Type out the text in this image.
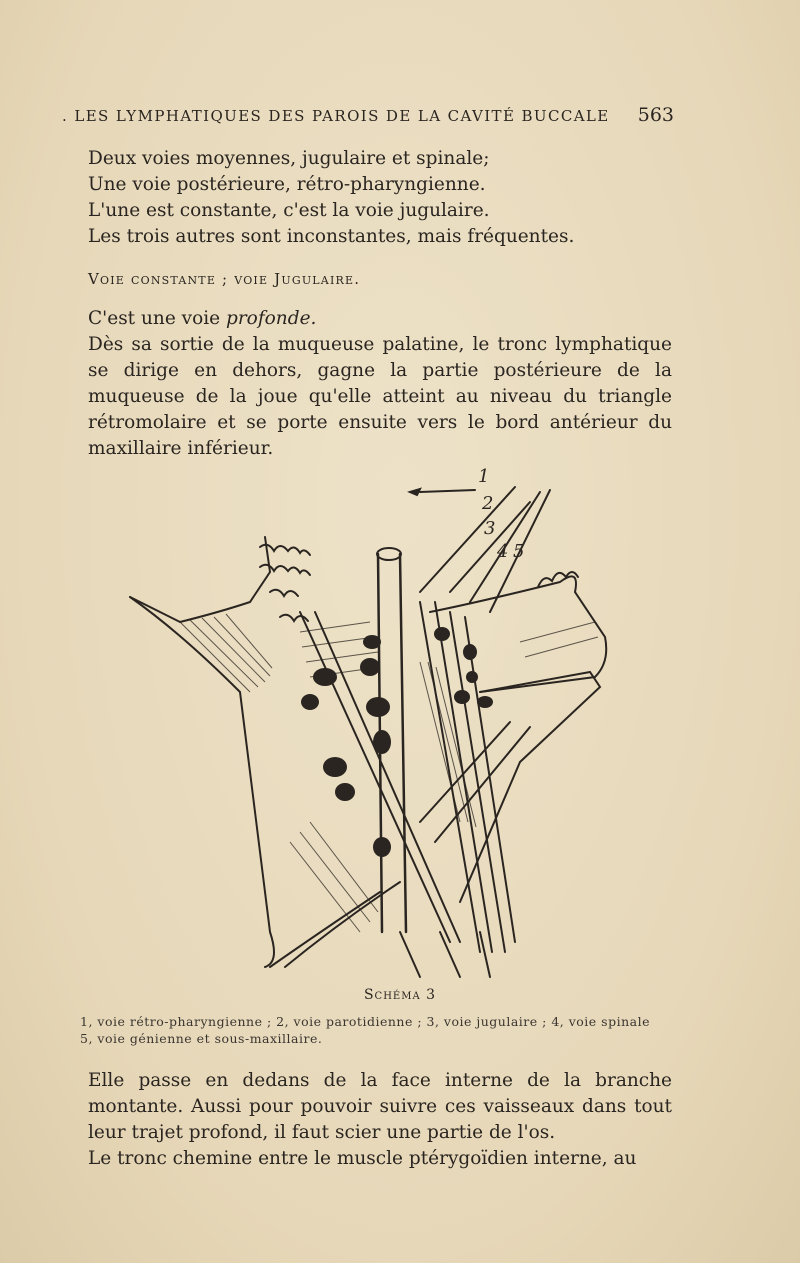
. LES LYMPHATIQUES DES PAROIS DE LA CAVITÉ BUCCALE 563

Deux voies moyennes, jugulaire et spinale;

Une voie postérieure, rétro-pharyngienne.

L'une est constante, c'est la voie jugulaire.

Les trois autres sont inconstantes, mais fréquentes.

Voie constante ; voie Jugulaire.

C'est une voie profonde.

Dès sa sortie de la muqueuse palatine, le tronc lymphatique se dirige en dehors, gagne la partie postérieure de la muqueuse de la joue qu'elle atteint au niveau du triangle rétromolaire et se porte ensuite vers le bord antérieur du maxillaire inférieur.

1
2
3
4 5
Schéma 3

1, voie rétro-pharyngienne ; 2, voie parotidienne ; 3, voie jugulaire ; 4, voie spinale

5, voie génienne et sous-maxillaire.

Elle passe en dedans de la face interne de la branche montante. Aussi pour pouvoir suivre ces vaisseaux dans tout leur trajet profond, il faut scier une partie de l'os.

Le tronc chemine entre le muscle ptérygoïdien interne, au
